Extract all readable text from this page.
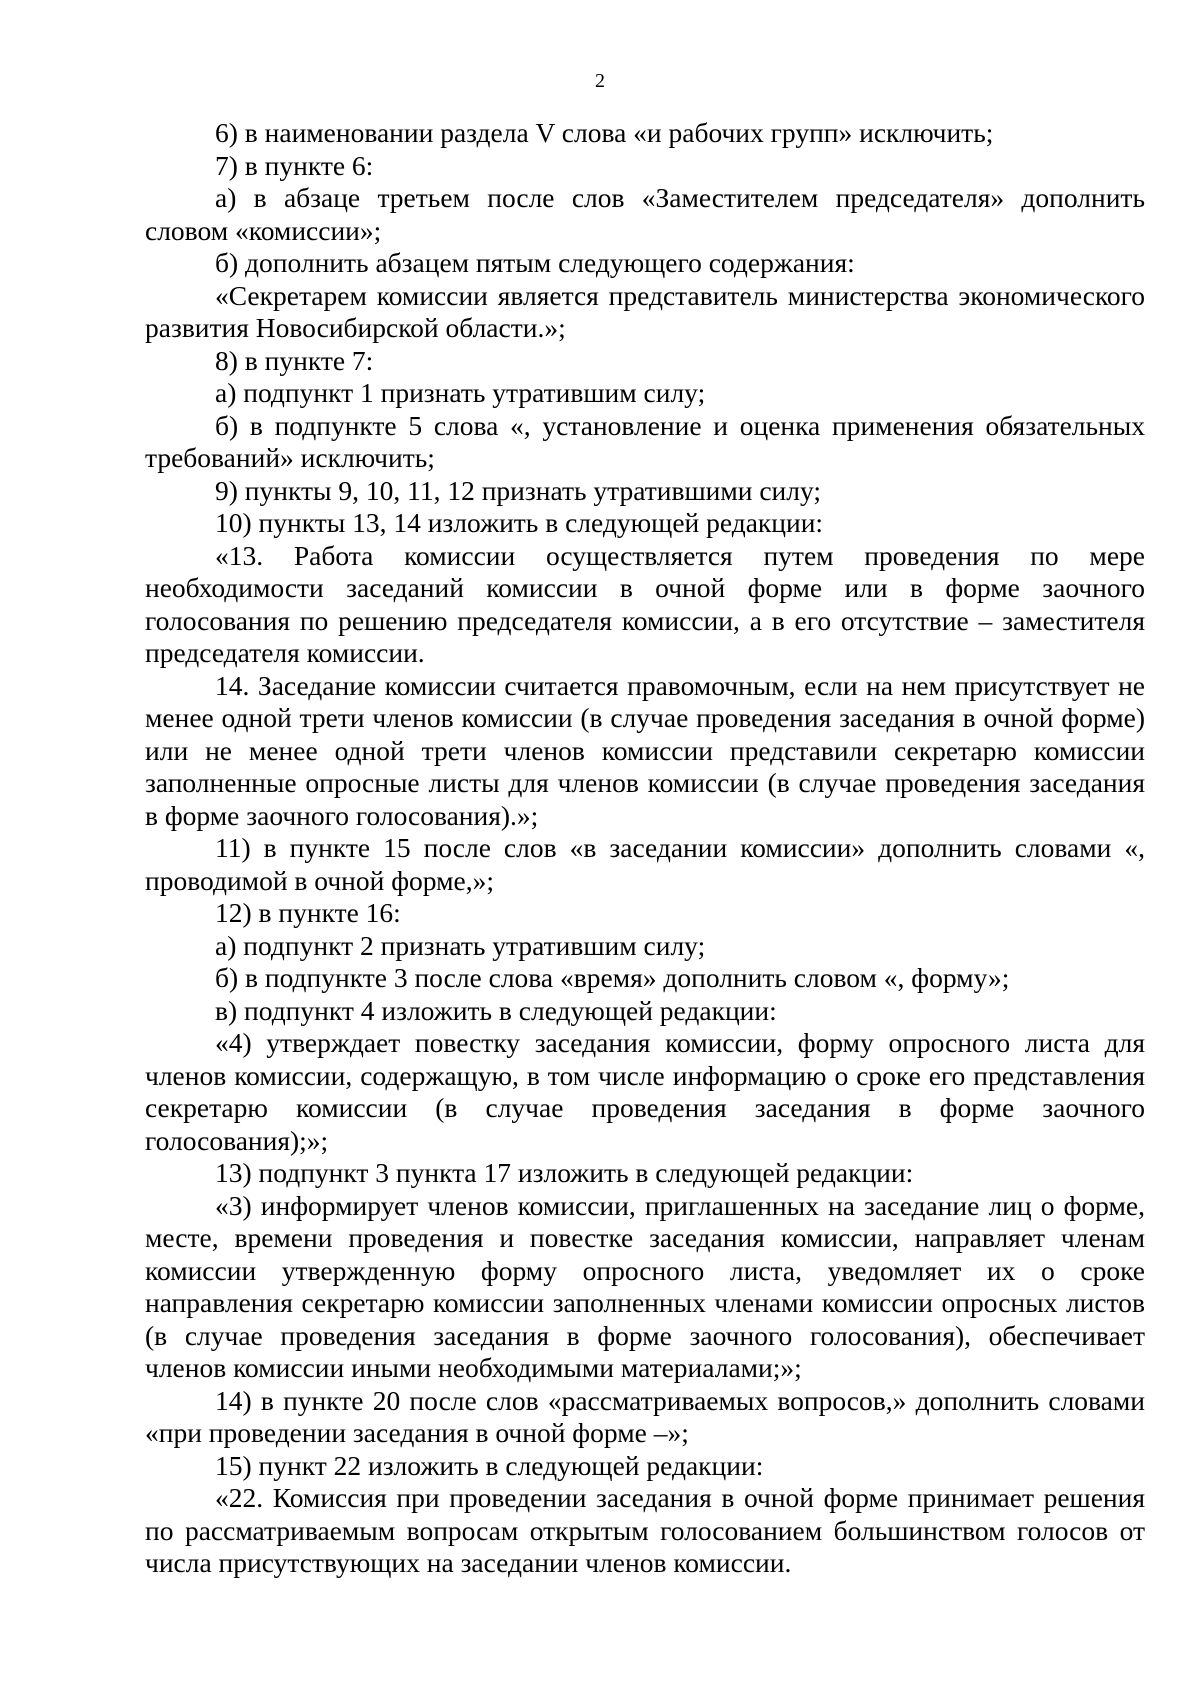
2

6) в наименовании раздела V слова «и рабочих групп» исключить;

7) в пункте 6:

а) в абзаце третьем после слов «Заместителем председателя» дополнить словом «комиссии»;

б) дополнить абзацем пятым следующего содержания:

«Секретарем комиссии является представитель министерства экономического развития Новосибирской области.»;

8) в пункте 7:

а) подпункт 1 признать утратившим силу;

б) в подпункте 5 слова «, установление и оценка применения обязательных требований» исключить;

9) пункты 9, 10, 11, 12 признать утратившими силу;

10) пункты 13, 14 изложить в следующей редакции:

«13. Работа комиссии осуществляется путем проведения по мере необходимости заседаний комиссии в очной форме или в форме заочного голосования по решению председателя комиссии, а в его отсутствие – заместителя председателя комиссии.

14. Заседание комиссии считается правомочным, если на нем присутствует не менее одной трети членов комиссии (в случае проведения заседания в очной форме) или не менее одной трети членов комиссии представили секретарю комиссии заполненные опросные листы для членов комиссии (в случае проведения заседания в форме заочного голосования).»;

11) в пункте 15 после слов «в заседании комиссии» дополнить словами «, проводимой в очной форме,»;

12) в пункте 16:

а) подпункт 2 признать утратившим силу;

б) в подпункте 3 после слова «время» дополнить словом «, форму»;

в) подпункт 4 изложить в следующей редакции:

«4) утверждает повестку заседания комиссии, форму опросного листа для членов комиссии, содержащую, в том числе информацию о сроке его представления секретарю комиссии (в случае проведения заседания в форме заочного голосования);»;

13) подпункт 3 пункта 17 изложить в следующей редакции:

«3) информирует членов комиссии, приглашенных на заседание лиц о форме, месте, времени проведения и повестке заседания комиссии, направляет членам комиссии утвержденную форму опросного листа, уведомляет их о сроке направления секретарю комиссии заполненных членами комиссии опросных листов (в случае проведения заседания в форме заочного голосования), обеспечивает членов комиссии иными необходимыми материалами;»;

14) в пункте 20 после слов «рассматриваемых вопросов,» дополнить словами «при проведении заседания в очной форме –»;

15) пункт 22 изложить в следующей редакции:

«22. Комиссия при проведении заседания в очной форме принимает решения по рассматриваемым вопросам открытым голосованием большинством голосов от числа присутствующих на заседании членов комиссии.
